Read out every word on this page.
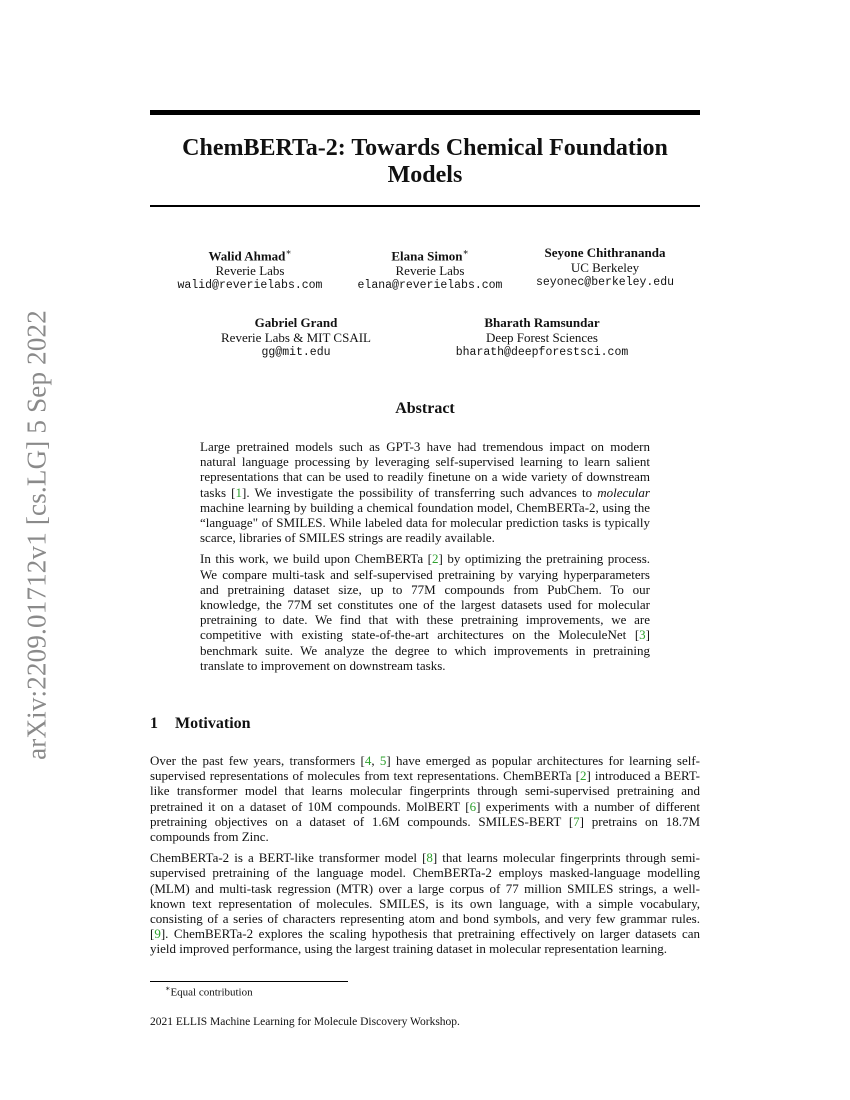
arXiv:2209.01712v1 [cs.LG] 5 Sep 2022
ChemBERTa-2: Towards Chemical Foundation
Models
Walid Ahmad∗
Reverie Labs
walid@reverielabs.com
Elana Simon∗
Reverie Labs
elana@reverielabs.com
Seyone Chithrananda
UC Berkeley
seyonec@berkeley.edu
Gabriel Grand
Reverie Labs & MIT CSAIL
gg@mit.edu
Bharath Ramsundar
Deep Forest Sciences
bharath@deepforestsci.com
Abstract

Large pretrained models such as GPT-3 have had tremendous impact on modern natural language processing by leveraging self-supervised learning to learn salient representations that can be used to readily finetune on a wide variety of downstream tasks [1]. We investigate the possibility of transferring such advances to molecular machine learning by building a chemical foundation model, ChemBERTa-2, using the “language" of SMILES. While labeled data for molecular prediction tasks is typically scarce, libraries of SMILES strings are readily available.

In this work, we build upon ChemBERTa [2] by optimizing the pretraining process. We compare multi-task and self-supervised pretraining by varying hyperparameters and pretraining dataset size, up to 77M compounds from PubChem. To our knowledge, the 77M set constitutes one of the largest datasets used for molecular pretraining to date. We find that with these pretraining improvements, we are competitive with existing state-of-the-art architectures on the MoleculeNet [3] benchmark suite. We analyze the degree to which improvements in pretraining translate to improvement on downstream tasks.

1 Motivation

Over the past few years, transformers [4, 5] have emerged as popular architectures for learning self-supervised representations of molecules from text representations. ChemBERTa [2] introduced a BERT-like transformer model that learns molecular fingerprints through semi-supervised pretraining and pretrained it on a dataset of 10M compounds. MolBERT [6] experiments with a number of different pretraining objectives on a dataset of 1.6M compounds. SMILES-BERT [7] pretrains on 18.7M compounds from Zinc.

ChemBERTa-2 is a BERT-like transformer model [8] that learns molecular fingerprints through semi-supervised pretraining of the language model. ChemBERTa-2 employs masked-language modelling (MLM) and multi-task regression (MTR) over a large corpus of 77 million SMILES strings, a well-known text representation of molecules. SMILES, is its own language, with a simple vocabulary, consisting of a series of characters representing atom and bond symbols, and very few grammar rules. [9]. ChemBERTa-2 explores the scaling hypothesis that pretraining effectively on larger datasets can yield improved performance, using the largest training dataset in molecular representation learning.

∗Equal contribution
2021 ELLIS Machine Learning for Molecule Discovery Workshop.
